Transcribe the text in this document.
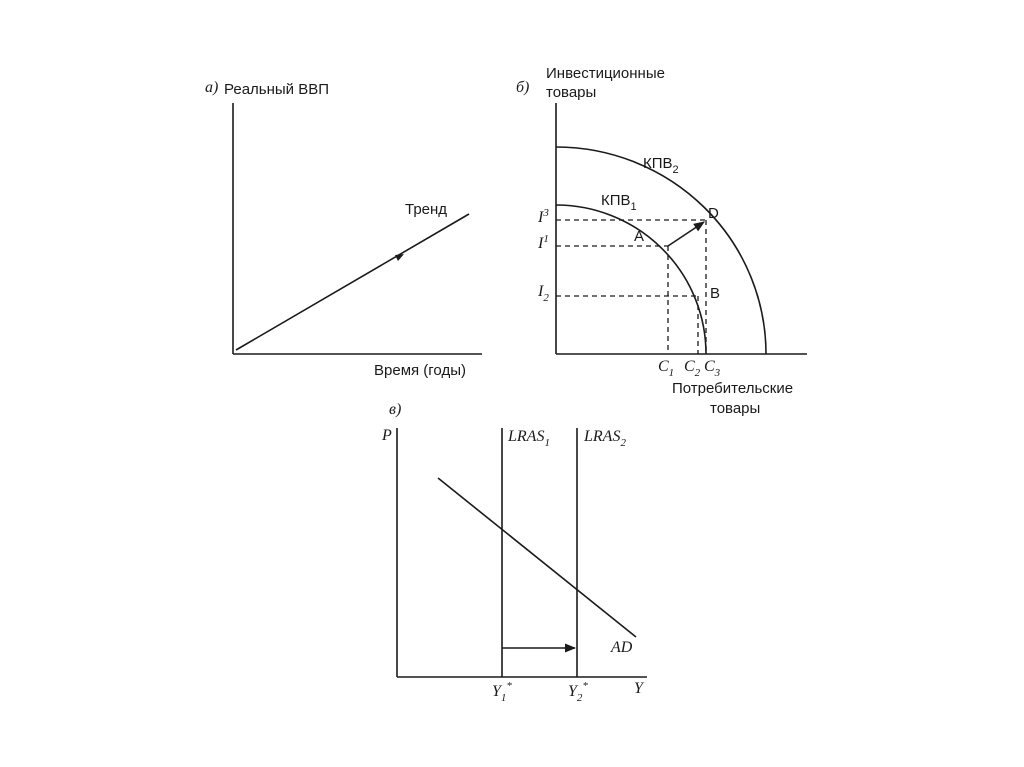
а) Реальный ВВП
Время (годы)
Тренд
б)
Инвестиционные
товары
$КПВ_2$
$КПВ_1$
A
B
D
$I^3$
$I^1$
$I_2$
$C_1$ $C_2$ $C_3$
Потребительские
товары
в)
P
Y
$LRAS_1$ $LRAS_2$
AD
$Y_1^*$	$Y_2^*$
